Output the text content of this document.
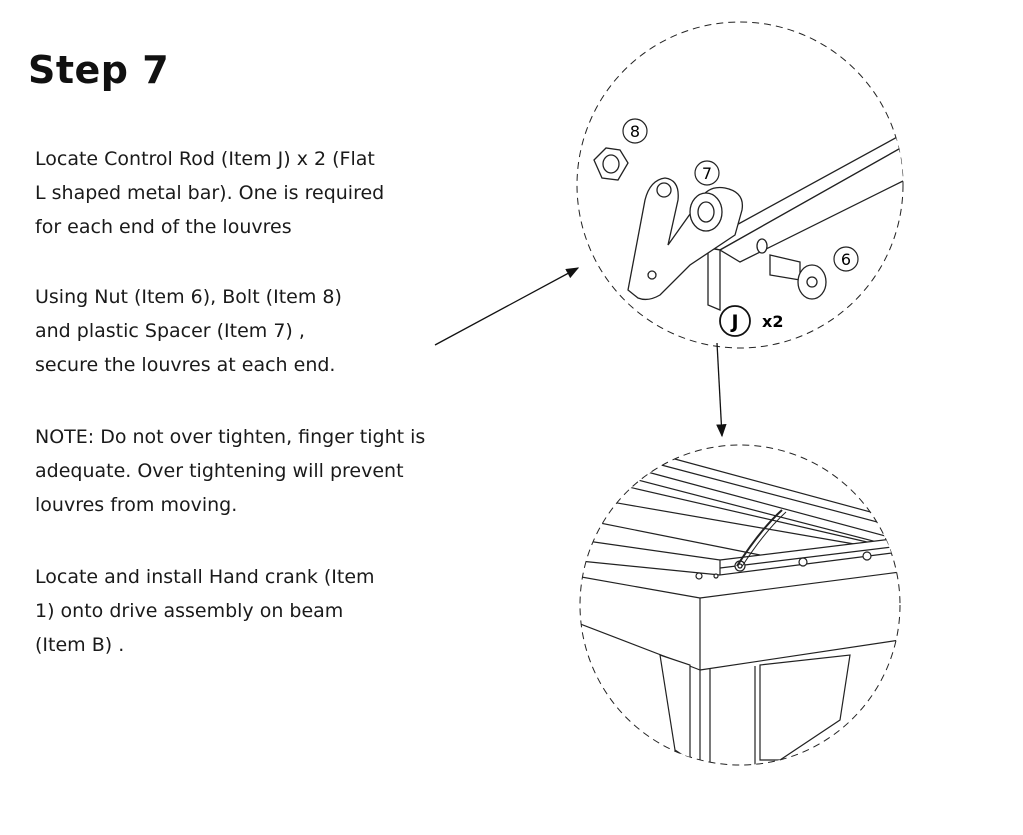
Step 7

Locate Control Rod (Item J) x 2 (Flat
L shaped metal bar). One is required
for each end of the louvres

Using Nut (Item 6), Bolt (Item 8)
and plastic Spacer (Item 7) ,
secure the louvres at each end.

NOTE: Do not over tighten, finger tight is
adequate. Over tightening will prevent
louvres from moving.

Locate and install Hand crank (Item
1) onto drive assembly on beam
(Item B) .

8
7
6
J x2
